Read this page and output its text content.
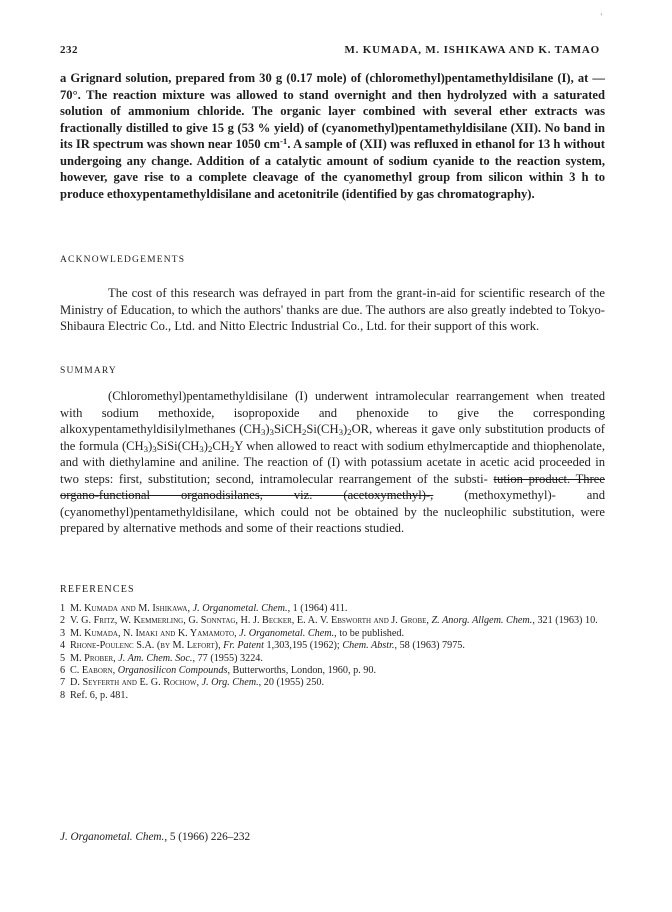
'
232	M. KUMADA, M. ISHIKAWA AND K. TAMAO

a Grignard solution, prepared from 30 g (0.17 mole) of (chloromethyl)pentamethyldisilane (I), at —70°. The reaction mixture was allowed to stand overnight and then hydrolyzed with a saturated solution of ammonium chloride. The organic layer combined with several ether extracts was fractionally distilled to give 15 g (53 % yield) of (cyanomethyl)pentamethyldisilane (XII). No band in its IR spectrum was shown near 1050 $cm^{-1}$. A sample of (XII) was refluxed in ethanol for 13 h without undergoing any change. Addition of a catalytic amount of sodium cyanide to the reaction system, however, gave rise to a complete cleavage of the cyanomethyl group from silicon within 3 h to produce ethoxypentamethyldisilane and acetonitrile (identified by gas chromatography).

ACKNOWLEDGEMENTS

The cost of this research was defrayed in part from the grant-in-aid for scientific research of the Ministry of Education, to which the authors' thanks are due. The authors are also greatly indebted to Tokyo-Shibaura Electric Co., Ltd. and Nitto Electric Industrial Co., Ltd. for their support of this work.

SUMMARY

(Chloromethyl)pentamethyldisilane (I) underwent intramolecular rearrangement when treated with sodium methoxide, isopropoxide and phenoxide to give the corresponding alkoxypentamethyldisilylmethanes $(CH_3)_3SiCH_2Si(CH_3)_2OR$, whereas it gave only substitution products of the formula $(CH_3)_3SiSi(CH_3)_2CH_2Y$ when allowed to react with sodium ethylmercaptide and thiophenolate, and with diethylamine and aniline. The reaction of (I) with potassium acetate in acetic acid proceeded in two steps: first, substitution; second, intramolecular rearrangement of the substi- tution product. Three organo-functional organodisilanes, viz. (acetoxymethyl)-, (methoxymethyl)- and (cyanomethyl)pentamethyldisilane, which could not be obtained by the nucleophilic substitution, were prepared by alternative methods and some of their reactions studied.

REFERENCES
1 M. Kumada and M. Ishikawa, J. Organometal. Chem., 1 (1964) 411.
2 V. G. Fritz, W. Kemmerling, G. Sonntag, H. J. Becker, E. A. V. Ebsworth and J. Grobe, Z. Anorg. Allgem. Chem., 321 (1963) 10.
3 M. Kumada, N. Imaki and K. Yamamoto, J. Organometal. Chem., to be published.
4 Rhone-Poulenc S.A. (by M. Lefort), Fr. Patent 1,303,195 (1962); Chem. Abstr., 58 (1963) 7975.
5 M. Prober, J. Am. Chem. Soc., 77 (1955) 3224.
6 C. Eaborn, Organosilicon Compounds, Butterworths, London, 1960, p. 90.
7 D. Seyferth and E. G. Rochow, J. Org. Chem., 20 (1955) 250.
8 Ref. 6, p. 481.
J. Organometal. Chem., 5 (1966) 226–232
